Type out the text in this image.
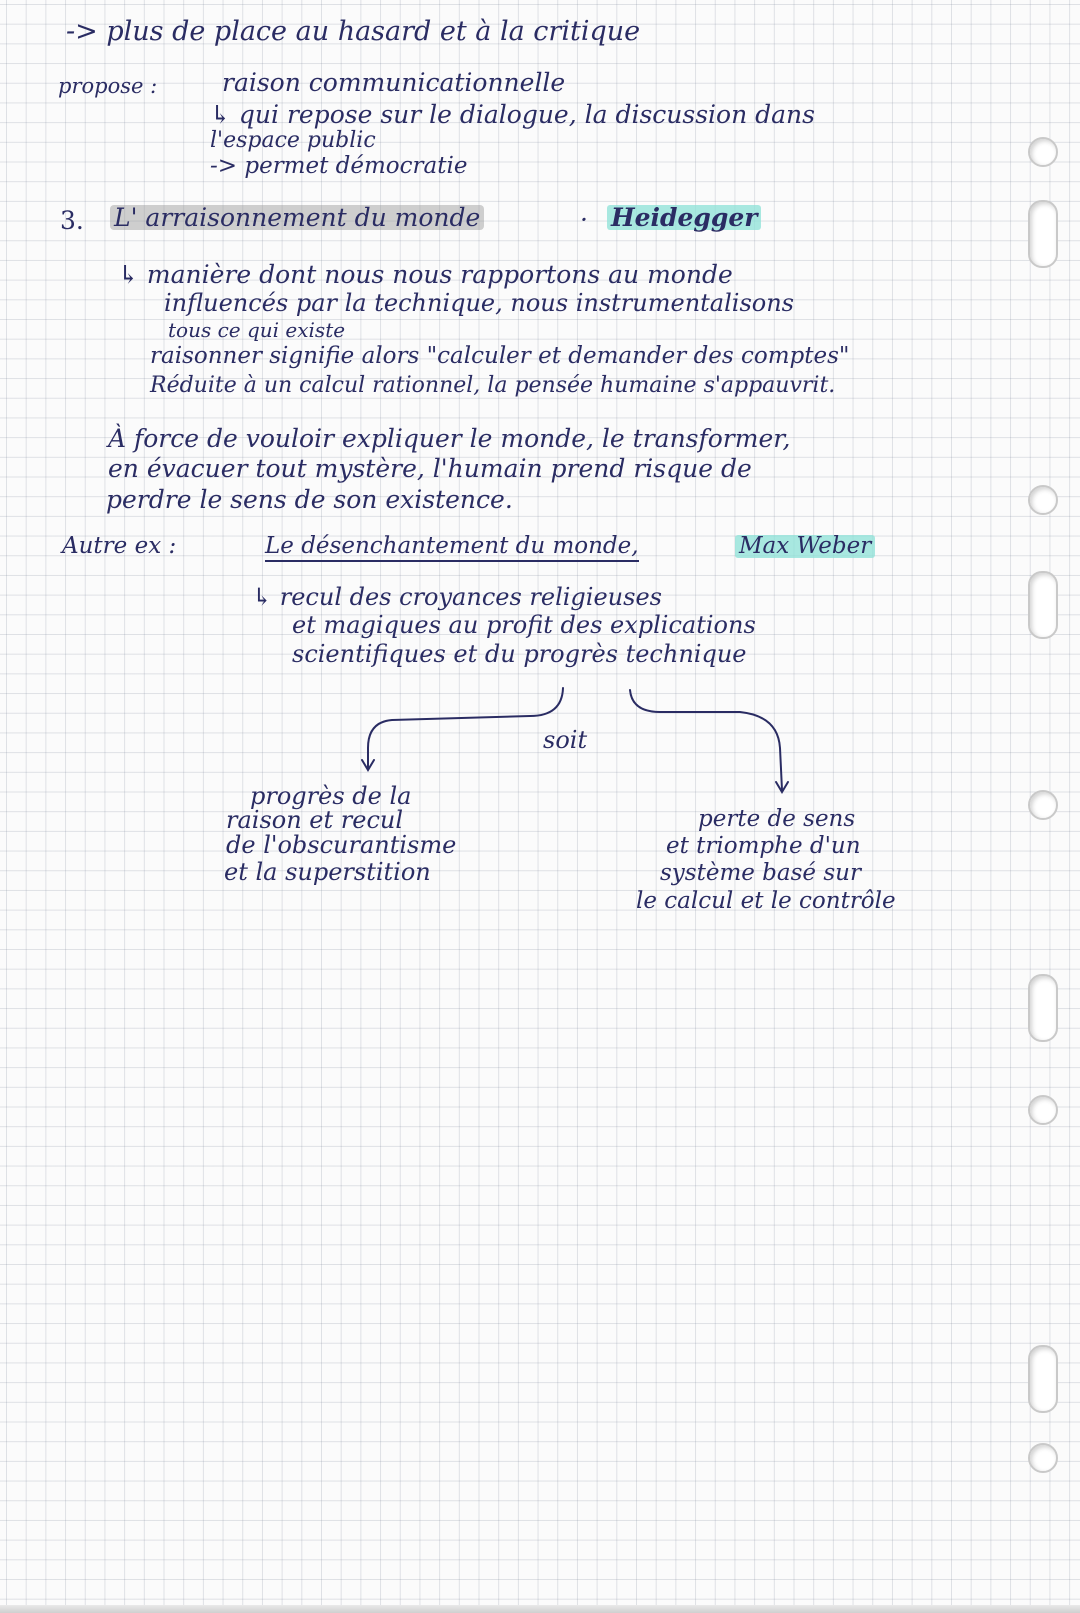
-> plus de place au hasard et à la critique
propose :	raison communicationnelle
↳ qui repose sur le dialogue, la discussion dans
l'espace public
-> permet démocratie
3. L' arraisonnement du monde	· Heidegger
↳ manière dont nous nous rapportons au monde
influencés par la technique, nous instrumentalisons
tous ce qui existe
raisonner signifie alors "calculer et demander des comptes"
Réduite à un calcul rationnel, la pensée humaine s'appauvrit.
À force de vouloir expliquer le monde, le transformer,
en évacuer tout mystère, l'humain prend risque de
perdre le sens de son existence.
Autre ex :	Le désenchantement du monde,	Max Weber
↳ recul des croyances religieuses
et magiques au profit des explications
scientifiques et du progrès technique
soit
progrès de la
raison et recul
de l'obscurantisme
et la superstition
perte de sens
et triomphe d'un
système basé sur
le calcul et le contrôle
